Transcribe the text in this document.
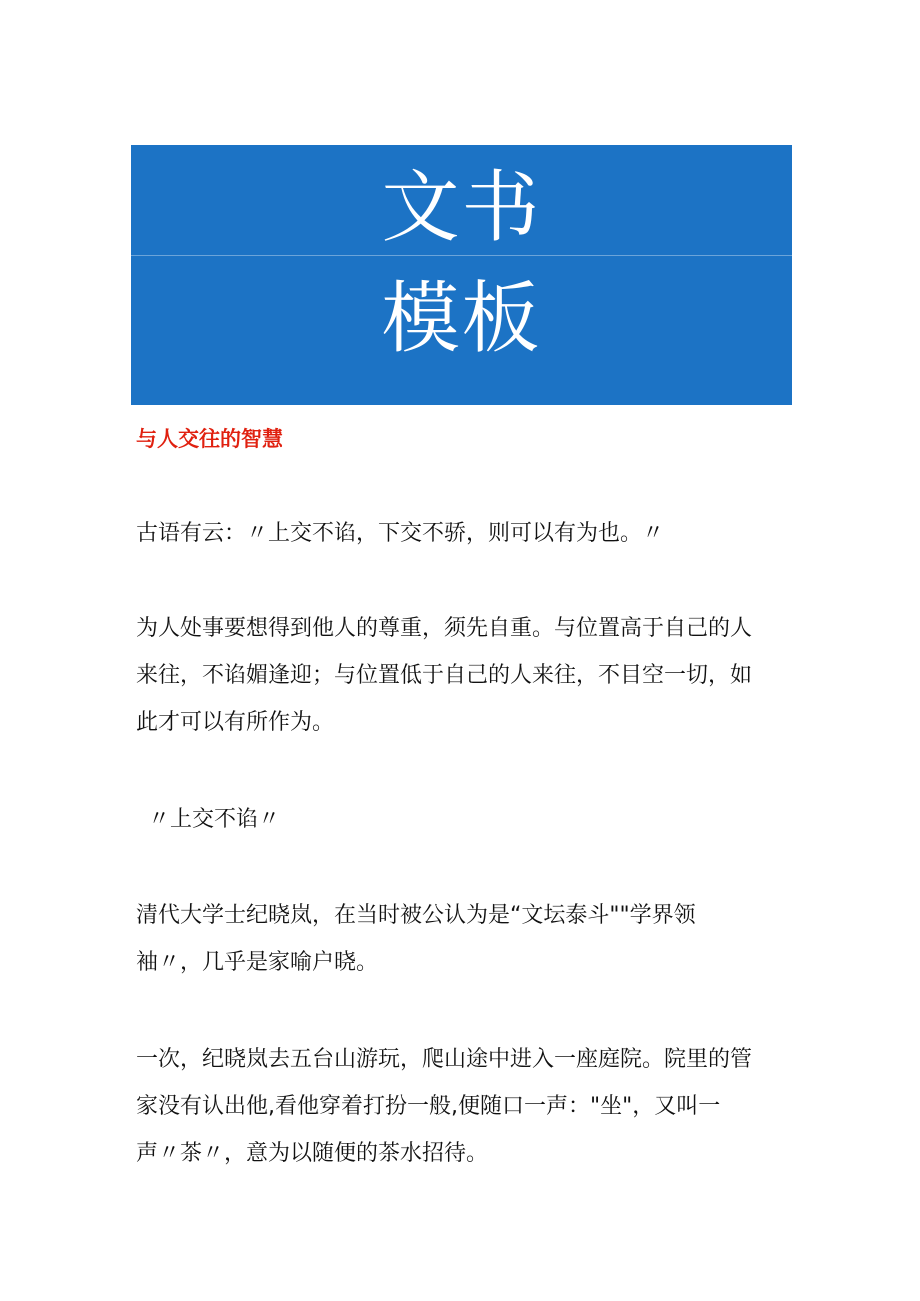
文书
模板
与人交往的智慧

古语有云：〃上交不谄，下交不骄，则可以有为也。〃

为人处事要想得到他人的尊重，须先自重。与位置高于自己的人
来往，不谄媚逢迎；与位置低于自己的人来往，不目空一切，如
此才可以有所作为。

〃上交不谄〃

清代大学士纪晓岚，在当时被公认为是“文坛泰斗""学界领
袖〃，几乎是家喻户晓。

一次，纪晓岚去五台山游玩，爬山途中进入一座庭院。院里的管
家没有认出他,看他穿着打扮一般,便随口一声："坐"，又叫一
声〃茶〃，意为以随便的茶水招待。
